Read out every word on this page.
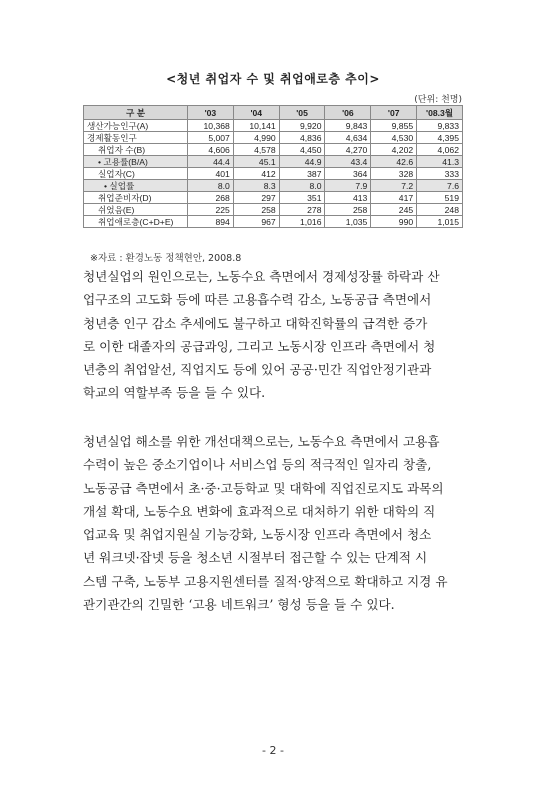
<청년 취업자 수 및 취업애로층 추이>
(단위: 천명)
구 분	'03	'04	'05	'06	'07	'08.3월
생산가능인구(A)	10,368	10,141	9,920	9,843	9,855	9,833
경제활동인구	5,007	4,990	4,836	4,634	4,530	4,395
취업자 수(B)	4,606	4,578	4,450	4,270	4,202	4,062
• 고용률(B/A)	44.4	45.1	44.9	43.4	42.6	41.3
실업자(C)	401	412	387	364	328	333
• 실업률	8.0	8.3	8.0	7.9	7.2	7.6
취업준비자(D)	268	297	351	413	417	519
쉬었음(E)	225	258	278	258	245	248
취업애로층(C+D+E)	894	967	1,016	1,035	990	1,015
※자료 : 환경노동 정책현안, 2008.8
청년실업의 원인으로는, 노동수요 측면에서 경제성장률 하락과 산
업구조의 고도화 등에 따른 고용흡수력 감소, 노동공급 측면에서
청년층 인구 감소 추세에도 불구하고 대학진학률의 급격한 증가
로 이한 대졸자의 공급과잉, 그리고 노동시장 인프라 측면에서 청
년층의 취업알선, 직업지도 등에 있어 공공·민간 직업안정기관과
학교의 역할부족 등을 들 수 있다.
청년실업 해소를 위한 개선대책으로는, 노동수요 측면에서 고용흡
수력이 높은 중소기업이나 서비스업 등의 적극적인 일자리 창출,
노동공급 측면에서 초·중·고등학교 및 대학에 직업진로지도 과목의
개설 확대, 노동수요 변화에 효과적으로 대처하기 위한 대학의 직
업교육 및 취업지원실 기능강화, 노동시장 인프라 측면에서 청소
년 워크넷·잡넷 등을 청소년 시절부터 접근할 수 있는 단계적 시
스템 구축, 노동부 고용지원센터를 질적·양적으로 확대하고 지경 유
관기관간의 긴밀한 ‘고용 네트워크’ 형성 등을 들 수 있다.
- 2 -
